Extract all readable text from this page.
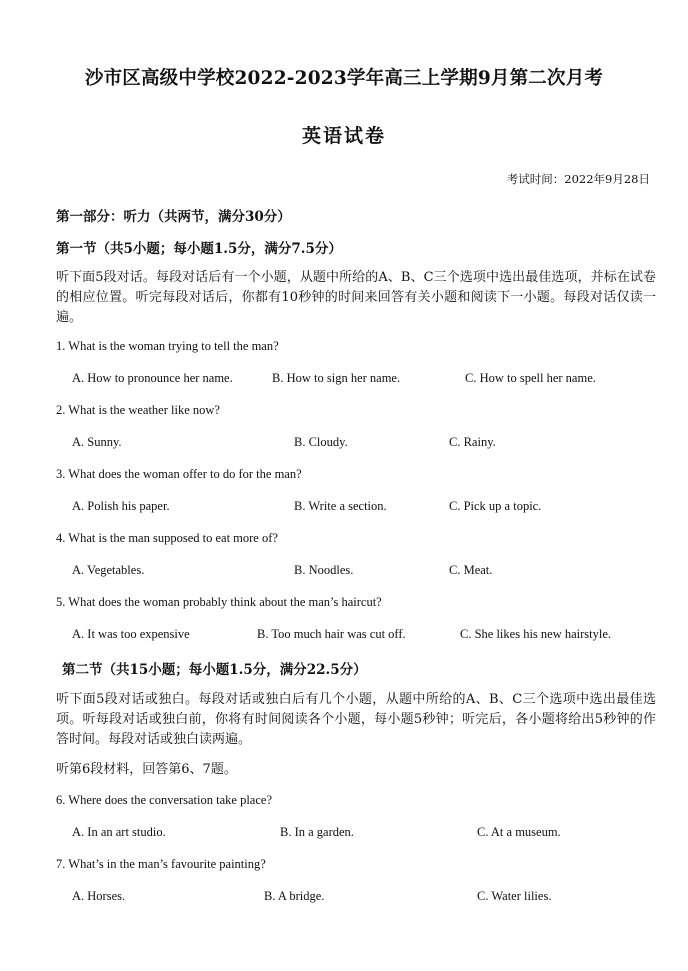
沙市区高级中学校2022-2023学年高三上学期9月第二次月考
英语试卷
考试时间：2022年9月28日
第一部分：听力（共两节，满分30分）
第一节（共5小题；每小题1.5分，满分7.5分）
听下面5段对话。每段对话后有一个小题，从题中所给的A、B、C三个选项中选出最佳选项，并标在试卷的相应位置。听完每段对话后，你都有10秒钟的时间来回答有关小题和阅读下一小题。每段对话仅读一遍。
1. What is the woman trying to tell the man?
A. How to pronounce her name.	B. How to sign her name.	C. How to spell her name.
2. What is the weather like now?
A. Sunny.	B. Cloudy.	C. Rainy.
3. What does the woman offer to do for the man?
A. Polish his paper.	B. Write a section.	C. Pick up a topic.
4. What is the man supposed to eat more of?
A. Vegetables.	B. Noodles.	C. Meat.
5. What does the woman probably think about the man’s haircut?
A. It was too expensive	B. Too much hair was cut off.	C. She likes his new hairstyle.
第二节（共15小题；每小题1.5分，满分22.5分）
听下面5段对话或独白。每段对话或独白后有几个小题，从题中所给的A、B、C三个选项中选出最佳选项。听每段对话或独白前，你将有时间阅读各个小题，每小题5秒钟；听完后，各小题将给出5秒钟的作答时间。每段对话或独白读两遍。
听第6段材料，回答第6、7题。
6. Where does the conversation take place?
A. In an art studio.	B. In a garden.	C. At a museum.
7. What’s in the man’s favourite painting?
A. Horses.	B. A bridge.	C. Water lilies.
